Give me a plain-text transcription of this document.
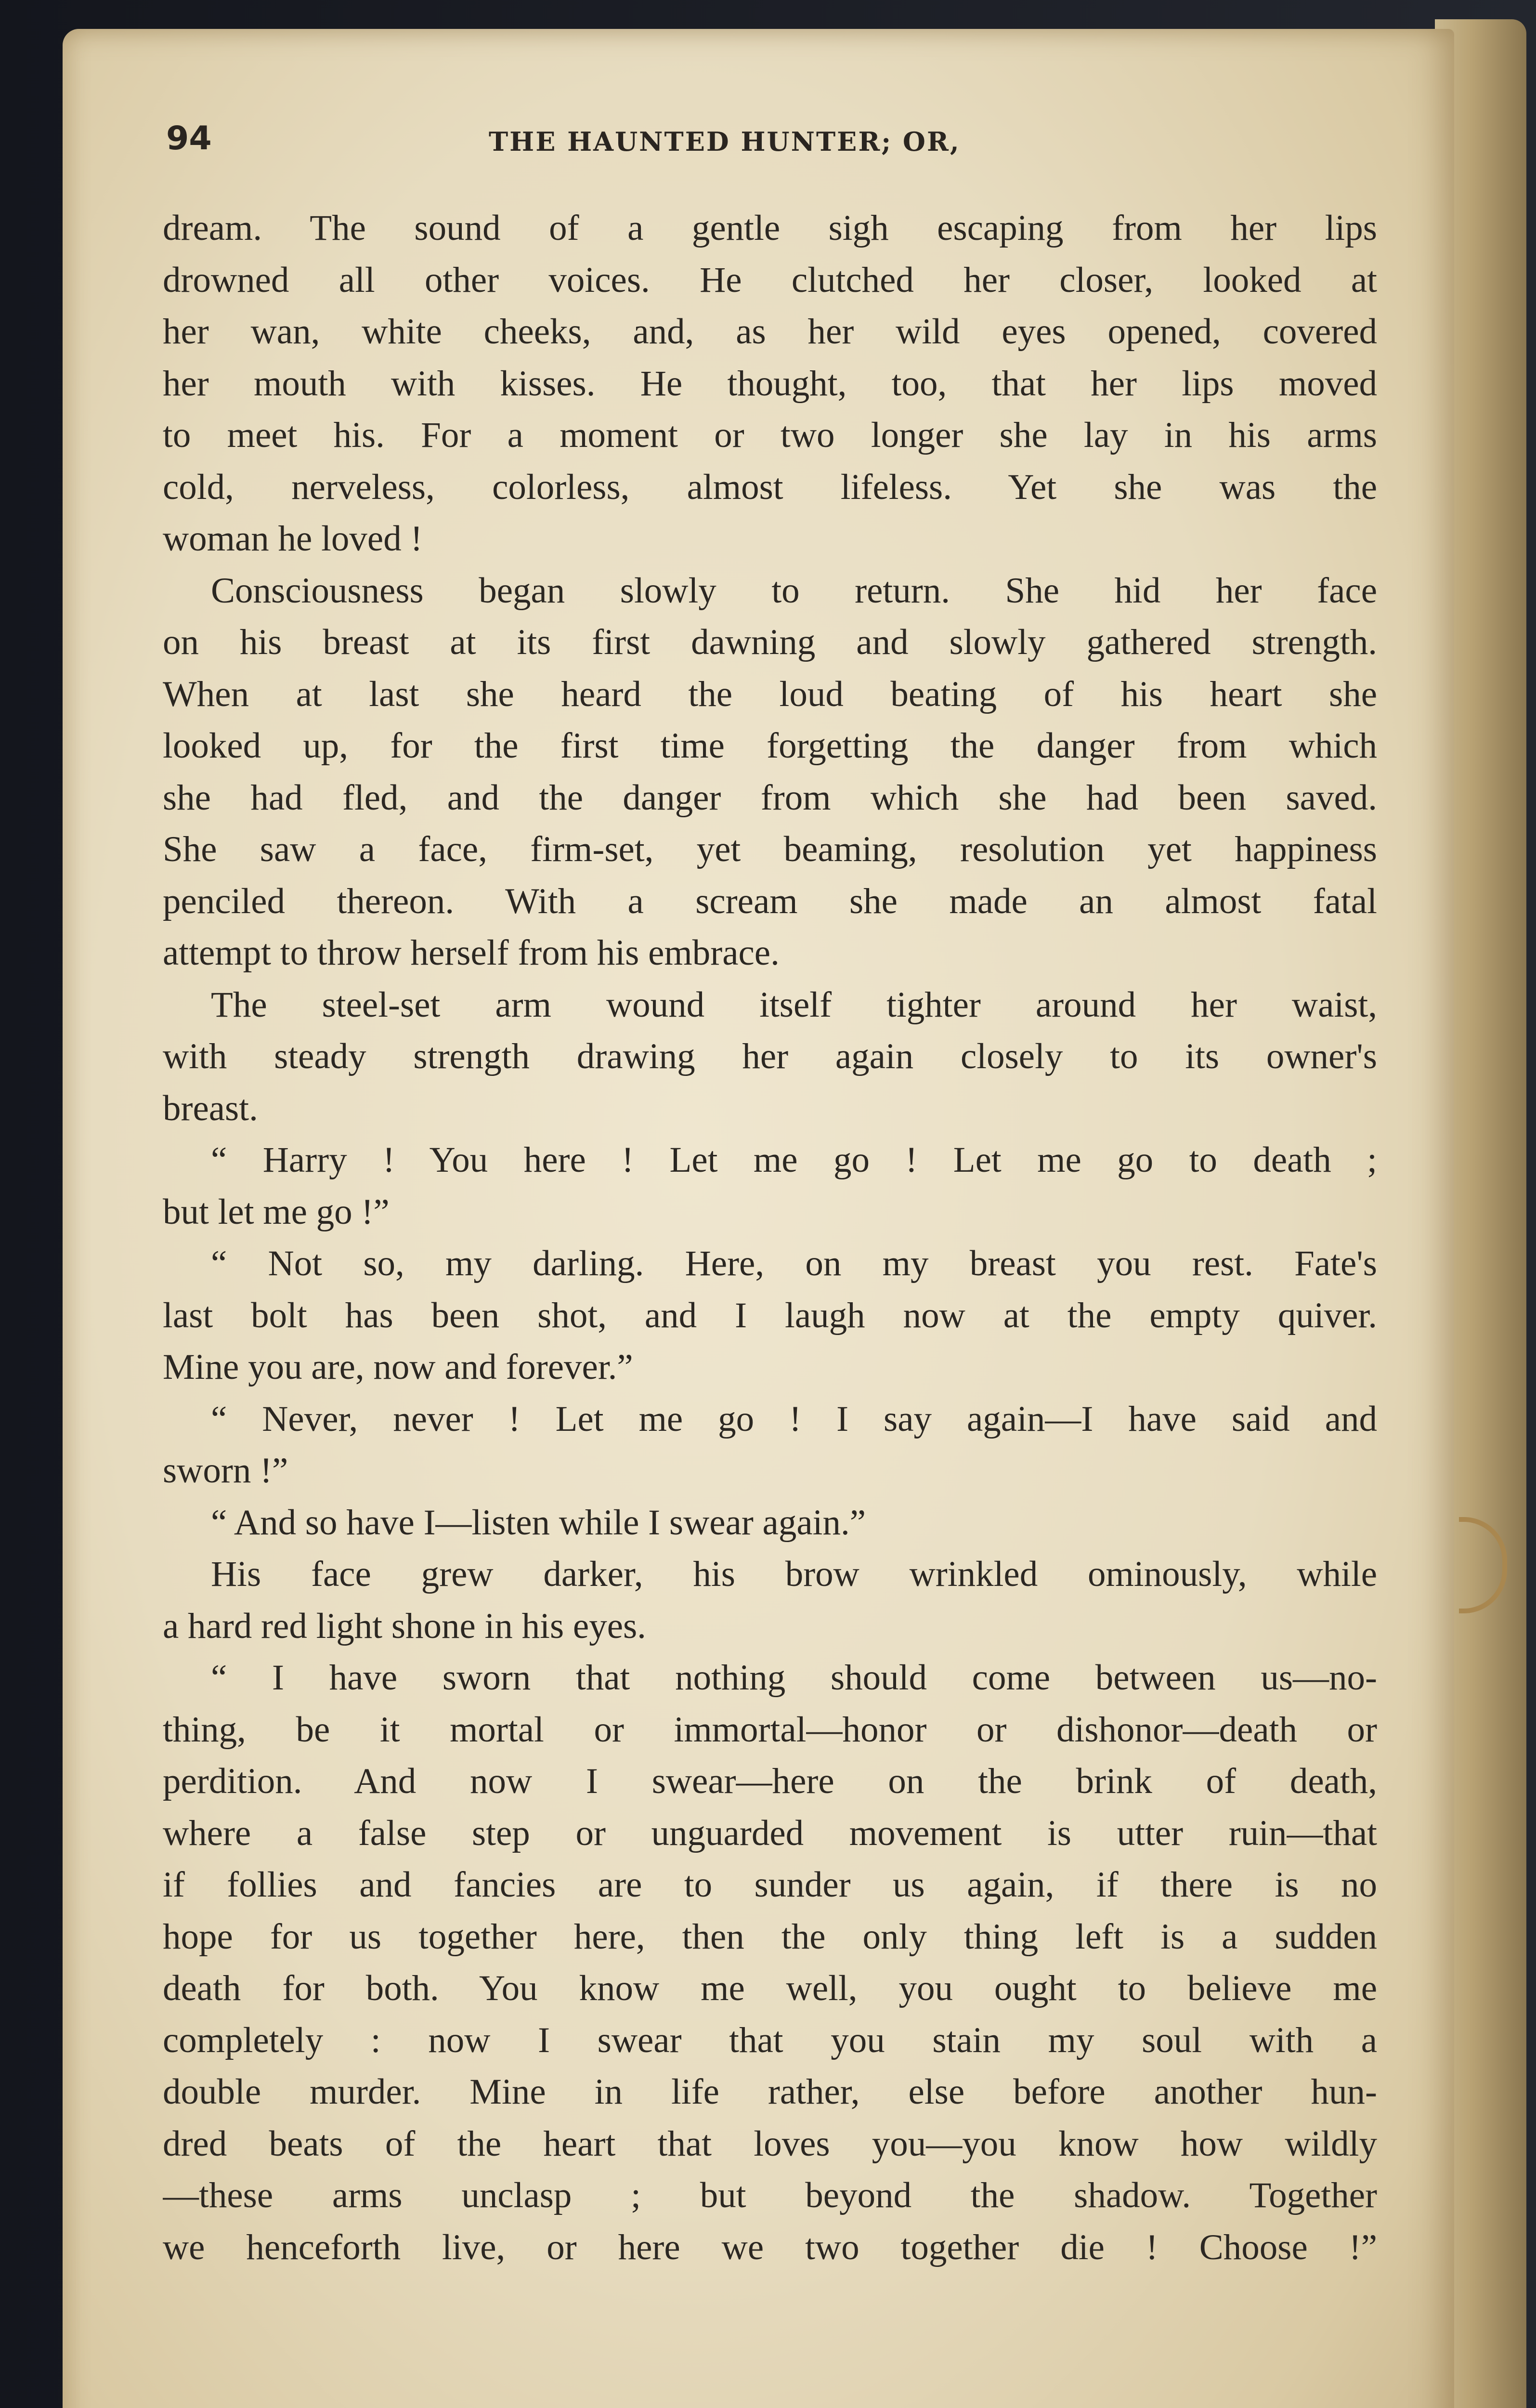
94	THE HAUNTED HUNTER; OR,
dream. The sound of a gentle sigh escaping from her lips
drowned all other voices. He clutched her closer, looked at
her wan, white cheeks, and, as her wild eyes opened, covered
her mouth with kisses. He thought, too, that her lips moved
to meet his. For a moment or two longer she lay in his arms
cold, nerveless, colorless, almost lifeless. Yet she was the
woman he loved !
Consciousness began slowly to return. She hid her face
on his breast at its first dawning and slowly gathered strength.
When at last she heard the loud beating of his heart she
looked up, for the first time forgetting the danger from which
she had fled, and the danger from which she had been saved.
She saw a face, firm-set, yet beaming, resolution yet happiness
penciled thereon. With a scream she made an almost fatal
attempt to throw herself from his embrace.
The steel-set arm wound itself tighter around her waist,
with steady strength drawing her again closely to its owner's
breast.
“ Harry ! You here ! Let me go ! Let me go to death ;
but let me go !”
“ Not so, my darling. Here, on my breast you rest. Fate's
last bolt has been shot, and I laugh now at the empty quiver.
Mine you are, now and forever.”
“ Never, never ! Let me go ! I say again—I have said and
sworn !”
“ And so have I—listen while I swear again.”
His face grew darker, his brow wrinkled ominously, while
a hard red light shone in his eyes.
“ I have sworn that nothing should come between us—no-
thing, be it mortal or immortal—honor or dishonor—death or
perdition. And now I swear—here on the brink of death,
where a false step or unguarded movement is utter ruin—that
if follies and fancies are to sunder us again, if there is no
hope for us together here, then the only thing left is a sudden
death for both. You know me well, you ought to believe me
completely : now I swear that you stain my soul with a
double murder. Mine in life rather, else before another hun-
dred beats of the heart that loves you—you know how wildly
—these arms unclasp ; but beyond the shadow. Together
we henceforth live, or here we two together die ! Choose !”
